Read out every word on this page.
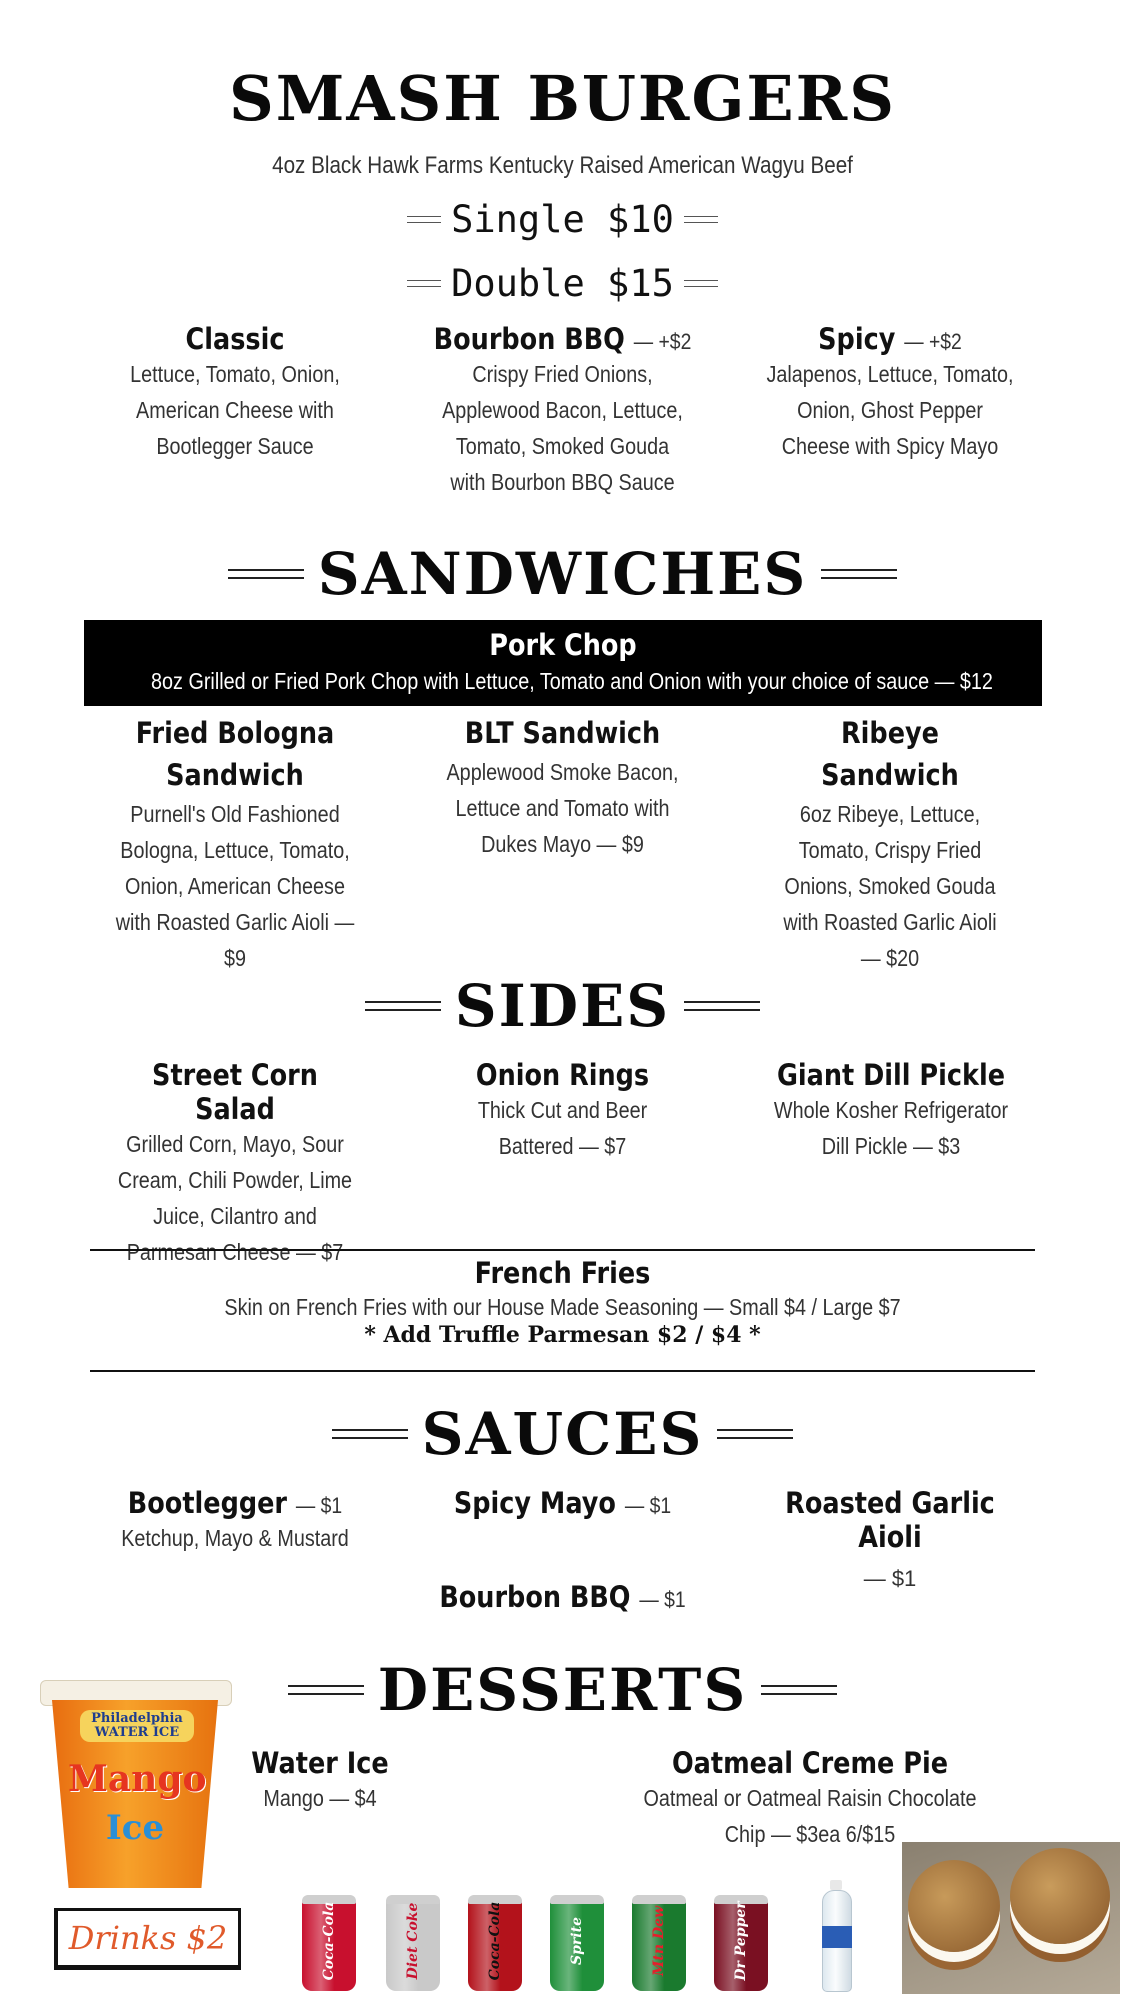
SMASH BURGERS
4oz Black Hawk Farms Kentucky Raised American Wagyu Beef
Single $10
Double $15
Classic
Lettuce, Tomato, Onion, American Cheese with Bootlegger Sauce
Bourbon BBQ — +$2
Crispy Fried Onions, Applewood Bacon, Lettuce, Tomato, Smoked Gouda with Bourbon BBQ Sauce
Spicy — +$2
Jalapenos, Lettuce, Tomato, Onion, Ghost Pepper Cheese with Spicy Mayo
SANDWICHES
Pork Chop
8oz Grilled or Fried Pork Chop with Lettuce, Tomato and Onion with your choice of sauce — $12
Fried Bologna Sandwich
Purnell's Old Fashioned Bologna, Lettuce, Tomato, Onion, American Cheese with Roasted Garlic Aioli — $9
BLT Sandwich
Applewood Smoke Bacon, Lettuce and Tomato with Dukes Mayo — $9
Ribeye Sandwich
6oz Ribeye, Lettuce, Tomato, Crispy Fried Onions, Smoked Gouda with Roasted Garlic Aioli — $20
SIDES
Street Corn Salad
Grilled Corn, Mayo, Sour Cream, Chili Powder, Lime Juice, Cilantro and Parmesan Cheese — $7
Onion Rings
Thick Cut and Beer Battered — $7
Giant Dill Pickle
Whole Kosher Refrigerator Dill Pickle — $3
French Fries
Skin on French Fries with our House Made Seasoning — Small $4 / Large $7
* Add Truffle Parmesan $2 / $4 *
SAUCES
Bootlegger — $1
Ketchup, Mayo & Mustard
Spicy Mayo — $1	Roasted Garlic Aioli
— $1
Bourbon BBQ — $1
DESSERTS
Philadelphia WATER ICE
Mango
Ice
Water Ice
Mango — $4
Oatmeal Creme Pie
Oatmeal or Oatmeal Raisin Chocolate Chip — $3ea 6/$15
Drinks $2	Coca-Cola	Diet Coke	Coca-Cola	Sprite	Mtn Dew	Dr Pepper
